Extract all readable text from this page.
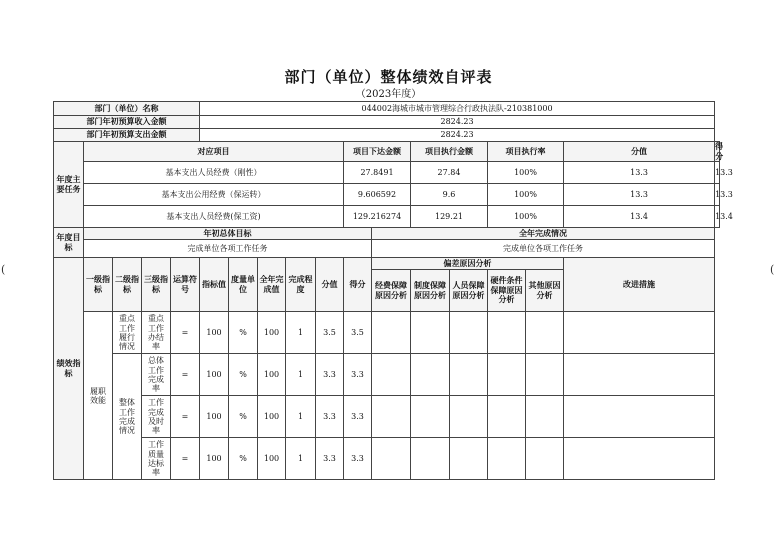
部门（单位）整体绩效自评表
（2023年度）
(	(
部门（单位）名称					044002海城市城市管理综合行政执法队-210381000												
部门年初预算收入金额					2824.23												
部门年初预算支出金额					2824.23												
年度主要任务	对应项目									项目下达金额		项目执行金额		项目执行率		分值	得分
	基本支出人员经费（刚性）									27.8491		27.84		100%		13.3	13.3
	基本支出公用经费（保运转）									9.606592		9.6		100%		13.3	13.3
	基本支出人员经费(保工资)									129.216274		129.21		100%		13.4	13.4
年度目标	年初总体目标										全年完成情况						
	完成单位各项工作任务										完成单位各项工作任务						
绩效指标	一级指标	二级指标	三级指标	运算符号	指标值	度量单位	全年完成值	完成程度	分值	得分	偏差原因分析					改进措施	
											经费保障原因分析	制度保障原因分析	人员保障原因分析	硬件条件保障原因分析	其他原因分析		

	履职效能	重点工作履行情况	重点工作办结率	=	100	%	100	1	3.5	3.5							

		整体工作完成情况	总体工作完成率	=	100	%	100	1	3.3	3.3							

			工作完成及时率	=	100	%	100	1	3.3	3.3							

			工作质量达标率	=	100	%	100	1	3.3	3.3							
